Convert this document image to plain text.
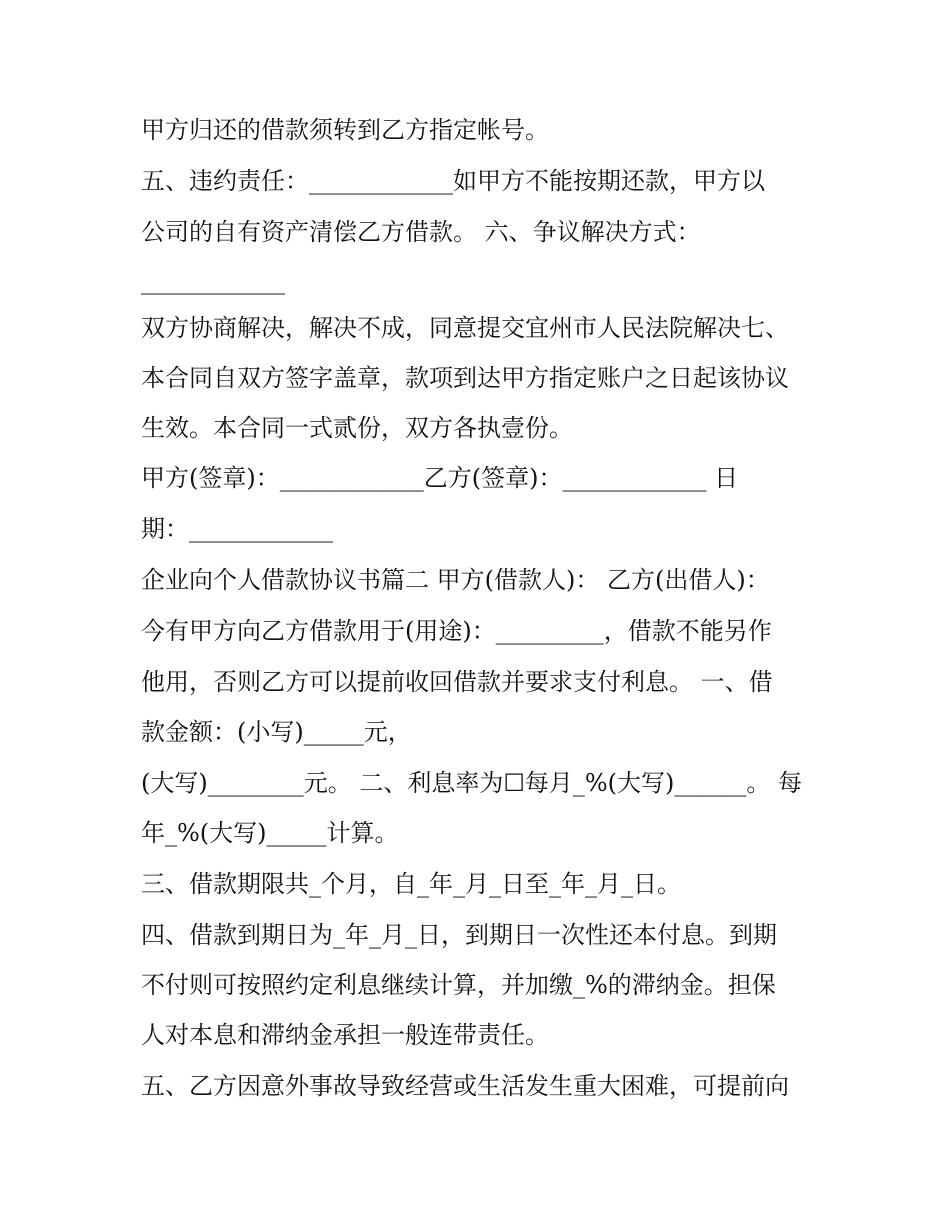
甲方归还的借款须转到乙方指定帐号。
五、违约责任：____________如甲方不能按期还款，甲方以
公司的自有资产清偿乙方借款。 六、争议解决方式：
____________
双方协商解决，解决不成，同意提交宜州市人民法院解决七、
本合同自双方签字盖章，款项到达甲方指定账户之日起该协议
生效。本合同一式贰份，双方各执壹份。
甲方(签章)：____________乙方(签章)：____________ 日
期：____________
企业向个人借款协议书篇二 甲方(借款人)： 乙方(出借人)：
今有甲方向乙方借款用于(用途)：_________，借款不能另作
他用，否则乙方可以提前收回借款并要求支付利息。 一、借
款金额：(小写)_____元，
(大写)________元。 二、利息率为☐每月_%(大写)______。 每
年_%(大写)_____计算。
三、借款期限共_个月，自_年_月_日至_年_月_日。
四、借款到期日为_年_月_日，到期日一次性还本付息。到期
不付则可按照约定利息继续计算，并加缴_%的滞纳金。担保
人对本息和滞纳金承担一般连带责任。
五、乙方因意外事故导致经营或生活发生重大困难，可提前向
